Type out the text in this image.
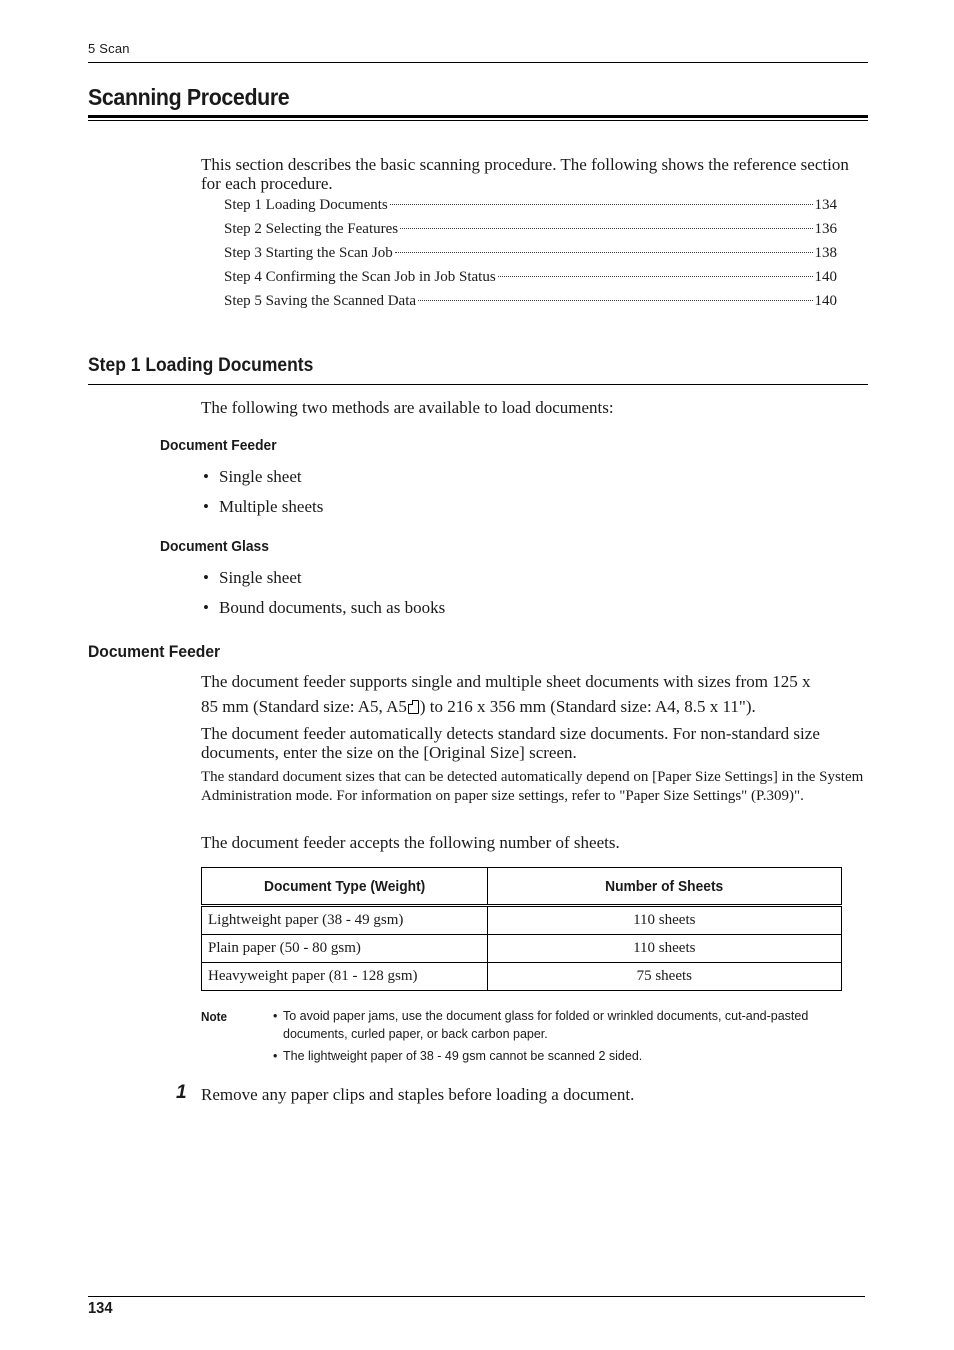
5 Scan
Scanning Procedure
This section describes the basic scanning procedure. The following shows the reference section for each procedure.
Step 1 Loading Documents	134
Step 2 Selecting the Features	136
Step 3 Starting the Scan Job	138
Step 4 Confirming the Scan Job in Job Status	140
Step 5 Saving the Scanned Data	140
Step 1 Loading Documents
The following two methods are available to load documents:
Document Feeder
• Single sheet
• Multiple sheets
Document Glass
• Single sheet
• Bound documents, such as books
Document Feeder
The document feeder supports single and multiple sheet documents with sizes from 125 x
85 mm (Standard size: A5, A5 ) to 216 x 356 mm (Standard size: A4, 8.5 x 11").
The document feeder automatically detects standard size documents. For non-standard size documents, enter the size on the [Original Size] screen.
The standard document sizes that can be detected automatically depend on [Paper Size Settings] in the System Administration mode. For information on paper size settings, refer to "Paper Size Settings" (P.309)".
The document feeder accepts the following number of sheets.
Document Type (Weight)	Number of Sheets
Lightweight paper (38 - 49 gsm)	110 sheets
Plain paper (50 - 80 gsm)	110 sheets
Heavyweight paper (81 - 128 gsm)	75 sheets
Note	• To avoid paper jams, use the document glass for folded or wrinkled documents, cut-and-pasted documents, curled paper, or back carbon paper.
• The lightweight paper of 38 - 49 gsm cannot be scanned 2 sided.
1 Remove any paper clips and staples before loading a document.
134
